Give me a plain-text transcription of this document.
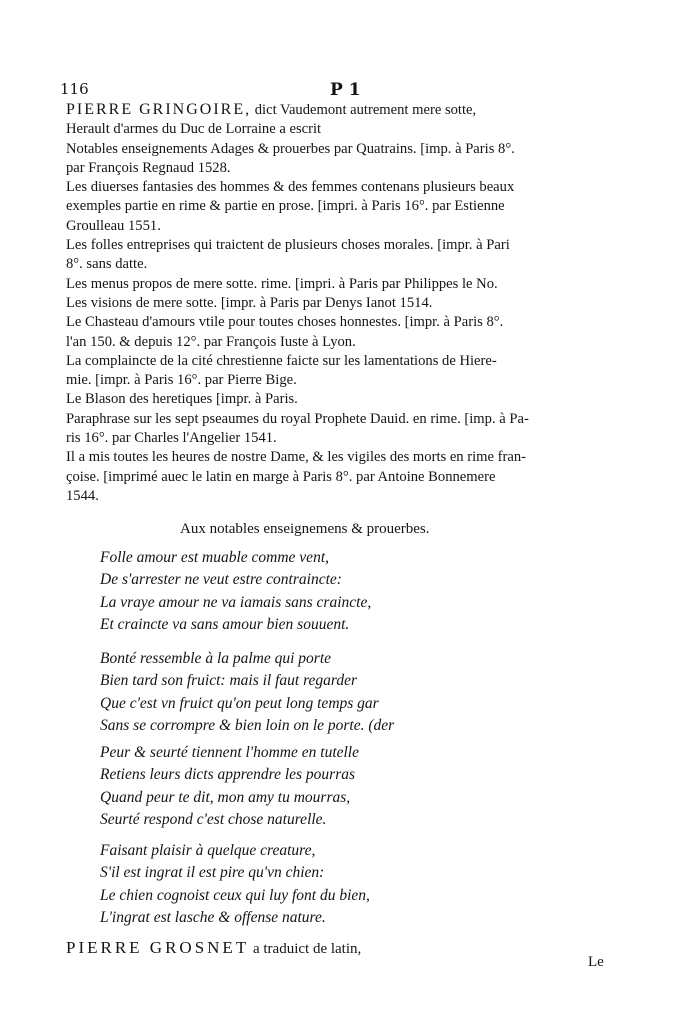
116	P 1
PIERRE GRINGOIRE, dict Vaudemont autrement mere sotte,
Herault d'armes du Duc de Lorraine a escrit
Notables enseignements Adages & prouerbes par Quatrains. [imp. à Paris 8°.
par François Regnaud 1528.
Les diuerses fantasies des hommes & des femmes contenans plusieurs beaux
exemples partie en rime & partie en prose. [impri. à Paris 16°. par Estienne
Groulleau 1551.
Les folles entreprises qui traictent de plusieurs choses morales. [impr. à Pari
8°. sans datte.
Les menus propos de mere sotte. rime. [impri. à Paris par Philippes le No.
Les visions de mere sotte. [impr. à Paris par Denys Ianot 1514.
Le Chasteau d'amours vtile pour toutes choses honnestes. [impr. à Paris 8°.
l'an 150. & depuis 12°. par François Iuste à Lyon.
La complaincte de la cité chrestienne faicte sur les lamentations de Hiere-
mie. [impr. à Paris 16°. par Pierre Bige.
Le Blason des heretiques [impr. à Paris.
Paraphrase sur les sept pseaumes du royal Prophete Dauid. en rime. [imp. à Pa-
ris 16°. par Charles l'Angelier 1541.
Il a mis toutes les heures de nostre Dame, & les vigiles des morts en rime fran-
çoise. [imprimé auec le latin en marge à Paris 8°. par Antoine Bonnemere
1544.
Aux notables enseignemens & prouerbes.
Folle amour est muable comme vent,
De s'arrester ne veut estre contraincte:
La vraye amour ne va iamais sans craincte,
Et craincte va sans amour bien souuent.
Bonté ressemble à la palme qui porte
Bien tard son fruict: mais il faut regarder
Que c'est vn fruict qu'on peut long temps gar
Sans se corrompre & bien loin on le porte. (der
Peur & seurté tiennent l'homme en tutelle
Retiens leurs dicts apprendre les pourras
Quand peur te dit, mon amy tu mourras,
Seurté respond c'est chose naturelle.
Faisant plaisir à quelque creature,
S'il est ingrat il est pire qu'vn chien:
Le chien cognoist ceux qui luy font du bien,
L'ingrat est lasche & offense nature.
PIERRE GROSNET a traduict de latin,
Le
